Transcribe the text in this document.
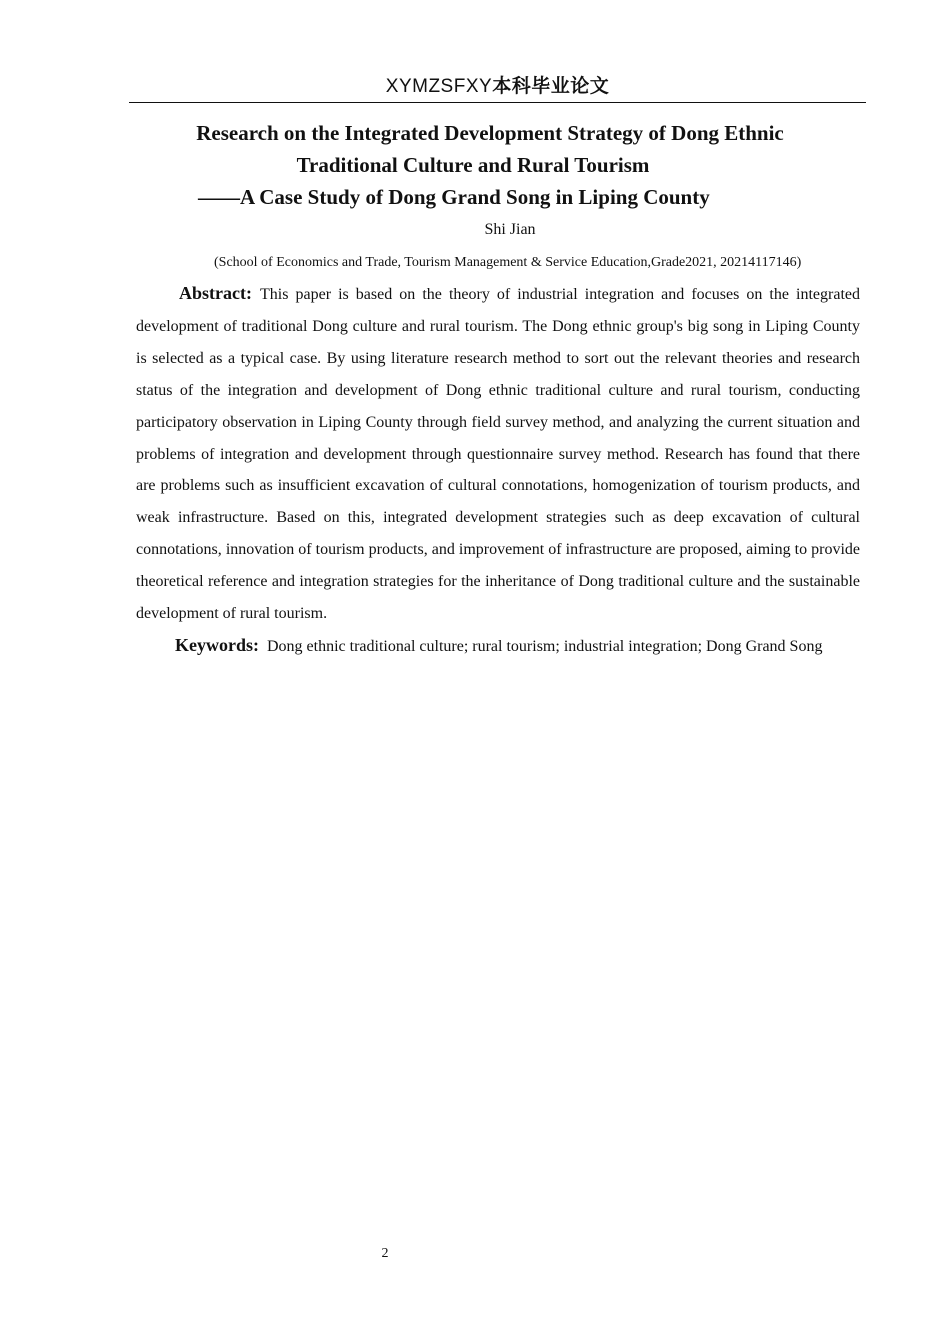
XYMZSFXY本科毕业论文
Research on the Integrated Development Strategy of Dong Ethnic
Traditional Culture and Rural Tourism
——A Case Study of Dong Grand Song in Liping County
Shi Jian
(School of Economics and Trade, Tourism Management & Service Education,Grade2021, 20214117146)

Abstract: This paper is based on the theory of industrial integration and focuses on the integrated development of traditional Dong culture and rural tourism. The Dong ethnic group's big song in Liping County is selected as a typical case. By using literature research method to sort out the relevant theories and research status of the integration and development of Dong ethnic traditional culture and rural tourism, conducting participatory observation in Liping County through field survey method, and analyzing the current situation and problems of integration and development through questionnaire survey method. Research has found that there are problems such as insufficient excavation of cultural connotations, homogenization of tourism products, and weak infrastructure. Based on this, integrated development strategies such as deep excavation of cultural connotations, innovation of tourism products, and improvement of infrastructure are proposed, aiming to provide theoretical reference and integration strategies for the inheritance of Dong traditional culture and the sustainable development of rural tourism.

Keywords: Dong ethnic traditional culture; rural tourism; industrial integration; Dong Grand Song
2
